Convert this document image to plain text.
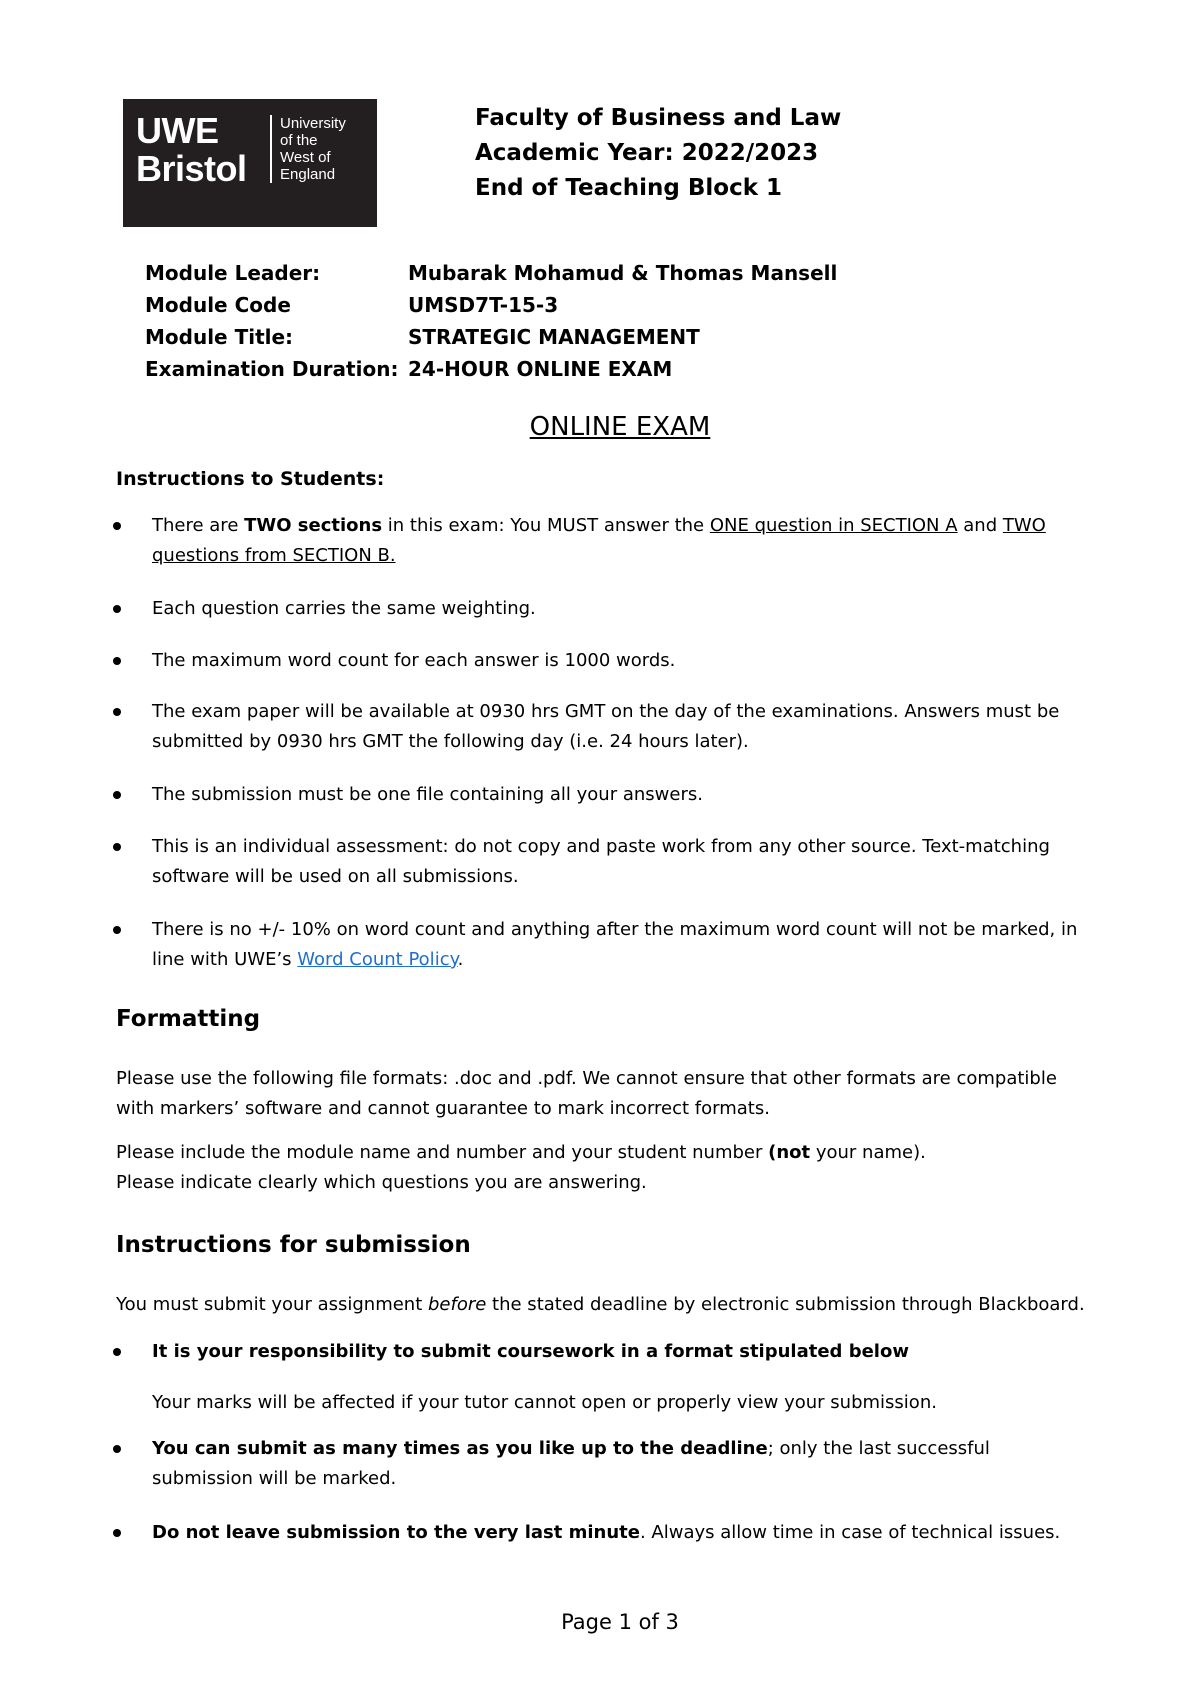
UWE
Bristol
University
of the
West of
England
Faculty of Business and Law
Academic Year: 2022/2023
End of Teaching Block 1
Module Leader:	Mubarak Mohamud & Thomas Mansell
Module Code	UMSD7T-15-3
Module Title:	STRATEGIC MANAGEMENT
Examination Duration: 24-HOUR ONLINE EXAM
ONLINE EXAM
Instructions to Students:
There are TWO sections in this exam: You MUST answer the ONE question in SECTION A and TWO questions from SECTION B.
Each question carries the same weighting.
The maximum word count for each answer is 1000 words.
The exam paper will be available at 0930 hrs GMT on the day of the examinations. Answers must be submitted by 0930 hrs GMT the following day (i.e. 24 hours later).
The submission must be one file containing all your answers.
This is an individual assessment: do not copy and paste work from any other source. Text-matching software will be used on all submissions.
There is no +/- 10% on word count and anything after the maximum word count will not be marked, in line with UWE’s Word Count Policy.
Formatting
Please use the following file formats: .doc and .pdf. We cannot ensure that other formats are compatible with markers’ software and cannot guarantee to mark incorrect formats.
Please include the module name and number and your student number (not your name).
Please indicate clearly which questions you are answering.
Instructions for submission
You must submit your assignment before the stated deadline by electronic submission through Blackboard.
It is your responsibility to submit coursework in a format stipulated below
Your marks will be affected if your tutor cannot open or properly view your submission.
You can submit as many times as you like up to the deadline; only the last successful submission will be marked.
Do not leave submission to the very last minute. Always allow time in case of technical issues.
Page 1 of 3
